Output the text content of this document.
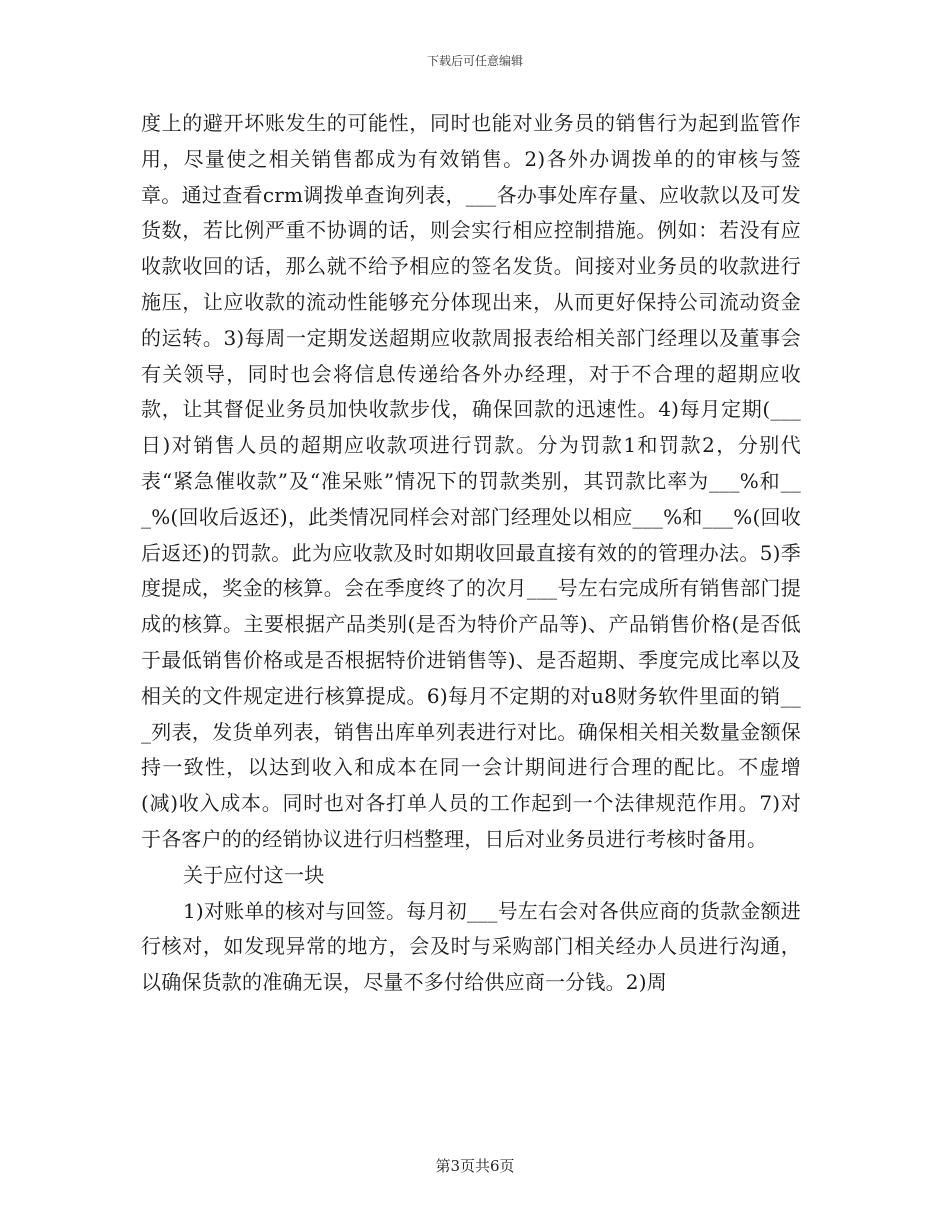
下载后可任意编辑

度上的避开坏账发生的可能性，同时也能对业务员的销售行为起到监管作用，尽量使之相关销售都成为有效销售。2)各外办调拨单的的审核与签章。通过查看crm调拨单查询列表，___各办事处库存量、应收款以及可发货数，若比例严重不协调的话，则会实行相应控制措施。例如：若没有应收款收回的话，那么就不给予相应的签名发货。间接对业务员的收款进行施压，让应收款的流动性能够充分体现出来，从而更好保持公司流动资金的运转。3)每周一定期发送超期应收款周报表给相关部门经理以及董事会有关领导，同时也会将信息传递给各外办经理，对于不合理的超期应收款，让其督促业务员加快收款步伐，确保回款的迅速性。4)每月定期(___日)对销售人员的超期应收款项进行罚款。分为罚款1和罚款2，分别代表“紧急催收款”及“准呆账”情况下的罚款类别，其罚款比率为___%和___%(回收后返还)，此类情况同样会对部门经理处以相应___%和___%(回收后返还)的罚款。此为应收款及时如期收回最直接有效的的管理办法。5)季度提成，奖金的核算。会在季度终了的次月___号左右完成所有销售部门提成的核算。主要根据产品类别(是否为特价产品等)、产品销售价格(是否低于最低销售价格或是否根据特价进销售等)、是否超期、季度完成比率以及相关的文件规定进行核算提成。6)每月不定期的对u8财务软件里面的销___列表，发货单列表，销售出库单列表进行对比。确保相关相关数量金额保持一致性，以达到收入和成本在同一会计期间进行合理的配比。不虚增(减)收入成本。同时也对各打单人员的工作起到一个法律规范作用。7)对于各客户的的经销协议进行归档整理，日后对业务员进行考核时备用。

关于应付这一块

1)对账单的核对与回签。每月初___号左右会对各供应商的货款金额进行核对，如发现异常的地方，会及时与采购部门相关经办人员进行沟通，以确保货款的准确无误，尽量不多付给供应商一分钱。2)周

第3页共6页
